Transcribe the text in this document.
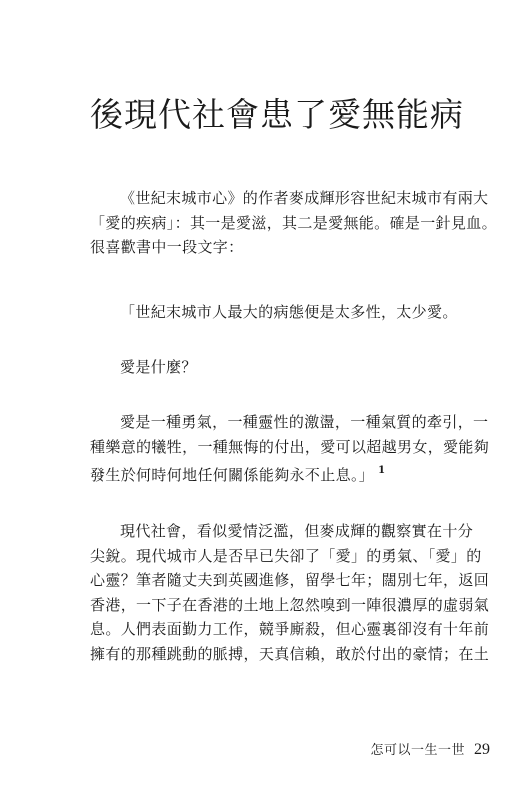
後現代社會患了愛無能病
《世紀末城市心》的作者麥成輝形容世紀末城市有兩大
「愛的疾病」：其一是愛滋，其二是愛無能。確是一針見血。
很喜歡書中一段文字：
「世紀末城市人最大的病態便是太多性，太少愛。
愛是什麼？
愛是一種勇氣，一種靈性的激盪，一種氣質的牽引，一
種樂意的犧牲，一種無悔的付出，愛可以超越男女，愛能夠
發生於何時何地任何關係能夠永不止息。」 $^1$
現代社會，看似愛情泛濫，但麥成輝的觀察實在十分
尖銳。現代城市人是否早已失卻了「愛」的勇氣、「愛」的
心靈？筆者隨丈夫到英國進修，留學七年；闊別七年，返回
香港，一下子在香港的土地上忽然嗅到一陣很濃厚的虛弱氣
息。人們表面勤力工作，競爭廝殺，但心靈裏卻沒有十年前
擁有的那種跳動的脈搏，天真信賴，敢於付出的豪情；在土
怎可以一生一世 29
